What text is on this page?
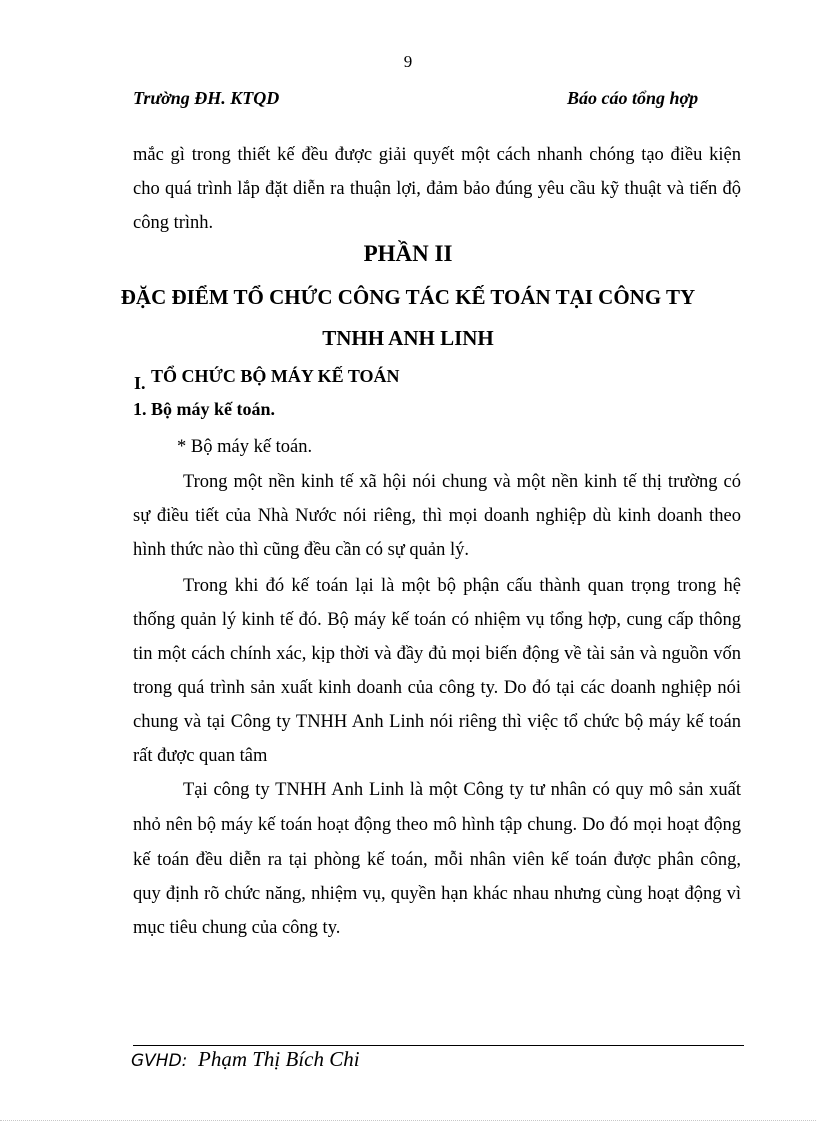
9
Trường ĐH. KTQD	Báo cáo tổng hợp
mắc gì trong thiết kế đều được giải quyết một cách nhanh chóng tạo điều kiện
cho quá trình lắp đặt diễn ra thuận lợi, đảm bảo đúng yêu cầu kỹ thuật và tiến độ
công trình.
PHẦN II
ĐẶC ĐIỂM TỔ CHỨC CÔNG TÁC KẾ TOÁN TẠI CÔNG TY
TNHH ANH LINH
I. TỔ CHỨC BỘ MÁY KẾ TOÁN
1. Bộ máy kế toán.
* Bộ máy kế toán.
Trong một nền kinh tế xã hội nói chung và một nền kinh tế thị trường có
sự điều tiết của Nhà Nước nói riêng, thì mọi doanh nghiệp dù kinh doanh theo
hình thức nào thì cũng đều cần có sự quản lý.
Trong khi đó kế toán lại là một bộ phận cấu thành quan trọng trong hệ
thống quản lý kinh tế đó. Bộ máy kế toán có nhiệm vụ tổng hợp, cung cấp thông
tin một cách chính xác, kịp thời và đầy đủ mọi biến động về tài sản và nguồn vốn
trong quá trình sản xuất kinh doanh của công ty. Do đó tại các doanh nghiệp nói
chung và tại Công ty TNHH Anh Linh nói riêng thì việc tổ chức bộ máy kế toán
rất được quan tâm
Tại công ty TNHH Anh Linh là một Công ty tư nhân có quy mô sản xuất
nhỏ nên bộ máy kế toán hoạt động theo mô hình tập chung. Do đó mọi hoạt động
kế toán đều diễn ra tại phòng kế toán, mỗi nhân viên kế toán được phân công,
quy định rõ chức năng, nhiệm vụ, quyền hạn khác nhau nhưng cùng hoạt động vì
mục tiêu chung của công ty.
GVHD: Phạm Thị Bích Chi
